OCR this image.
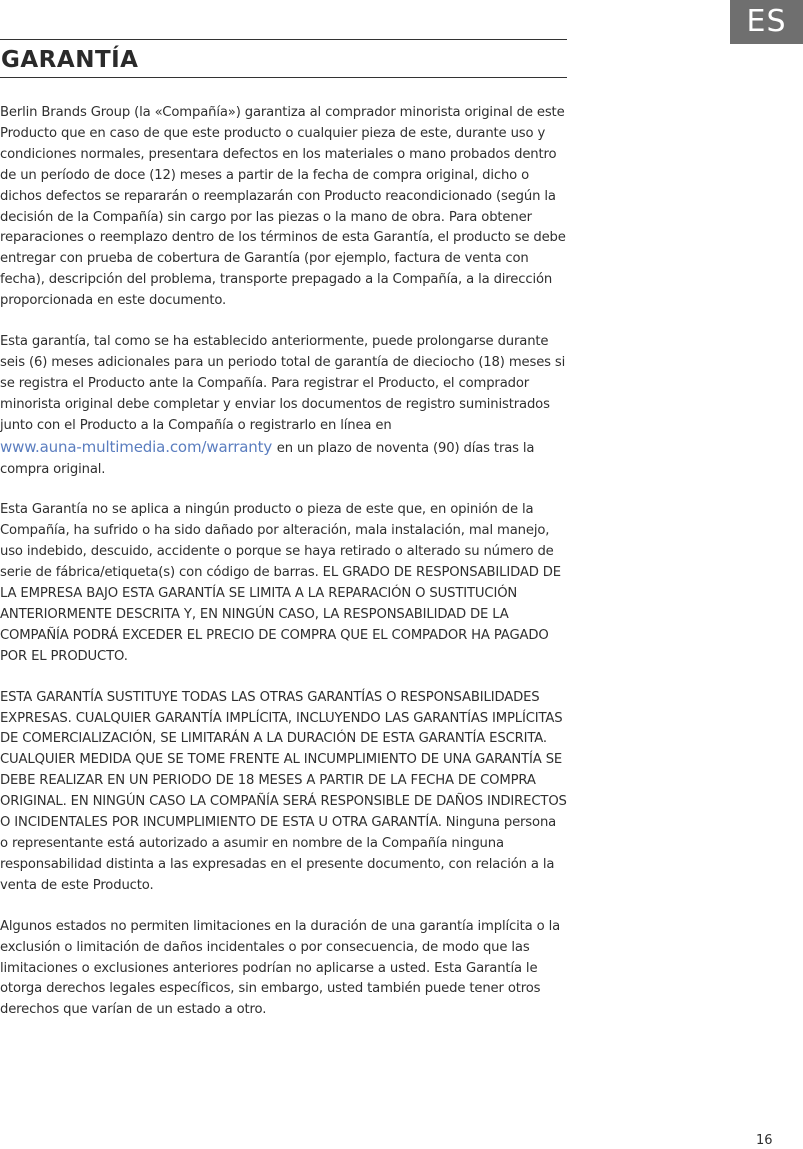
ES
GARANTÍA

Berlin Brands Group (la «Compañía») garantiza al comprador minorista original de este Producto que en caso de que este producto o cualquier pieza de este, durante uso y condiciones normales, presentara defectos en los materiales o mano probados dentro de un período de doce (12) meses a partir de la fecha de compra original, dicho o dichos defectos se repararán o reemplazarán con Producto reacondicionado (según la decisión de la Compañía) sin cargo por las piezas o la mano de obra. Para obtener reparaciones o reemplazo dentro de los términos de esta Garantía, el producto se debe entregar con prueba de cobertura de Garantía (por ejemplo, factura de venta con fecha), descripción del problema, transporte prepagado a la Compañía, a la dirección proporcionada en este documento.

Esta garantía, tal como se ha establecido anteriormente, puede prolongarse durante seis (6) meses adicionales para un periodo total de garantía de dieciocho (18) meses si se registra el Producto ante la Compañía. Para registrar el Producto, el comprador minorista original debe completar y enviar los documentos de registro suministrados junto con el Producto a la Compañía o registrarlo en línea en
www.auna-multimedia.com/warranty en un plazo de noventa (90) días tras la compra original.

Esta Garantía no se aplica a ningún producto o pieza de este que, en opinión de la Compañía, ha sufrido o ha sido dañado por alteración, mala instalación, mal manejo, uso indebido, descuido, accidente o porque se haya retirado o alterado su número de serie de fábrica/etiqueta(s) con código de barras. EL GRADO DE RESPONSABILIDAD DE LA EMPRESA BAJO ESTA GARANTÍA SE LIMITA A LA REPARACIÓN O SUSTITUCIÓN ANTERIORMENTE DESCRITA Y, EN NINGÚN CASO, LA RESPONSABILIDAD DE LA COMPAÑÍA PODRÁ EXCEDER EL PRECIO DE COMPRA QUE EL COMPADOR HA PAGADO POR EL PRODUCTO.

ESTA GARANTÍA SUSTITUYE TODAS LAS OTRAS GARANTÍAS O RESPONSABILIDADES EXPRESAS. CUALQUIER GARANTÍA IMPLÍCITA, INCLUYENDO LAS GARANTÍAS IMPLÍCITAS DE COMERCIALIZACIÓN, SE LIMITARÁN A LA DURACIÓN DE ESTA GARANTÍA ESCRITA. CUALQUIER MEDIDA QUE SE TOME FRENTE AL INCUMPLIMIENTO DE UNA GARANTÍA SE DEBE REALIZAR EN UN PERIODO DE 18 MESES A PARTIR DE LA FECHA DE COMPRA ORIGINAL. EN NINGÚN CASO LA COMPAÑÍA SERÁ RESPONSIBLE DE DAÑOS INDIRECTOS O INCIDENTALES POR INCUMPLIMIENTO DE ESTA U OTRA GARANTÍA. Ninguna persona o representante está autorizado a asumir en nombre de la Compañía ninguna responsabilidad distinta a las expresadas en el presente documento, con relación a la venta de este Producto.

Algunos estados no permiten limitaciones en la duración de una garantía implícita o la exclusión o limitación de daños incidentales o por consecuencia, de modo que las limitaciones o exclusiones anteriores podrían no aplicarse a usted. Esta Garantía le otorga derechos legales específicos, sin embargo, usted también puede tener otros derechos que varían de un estado a otro.

16
